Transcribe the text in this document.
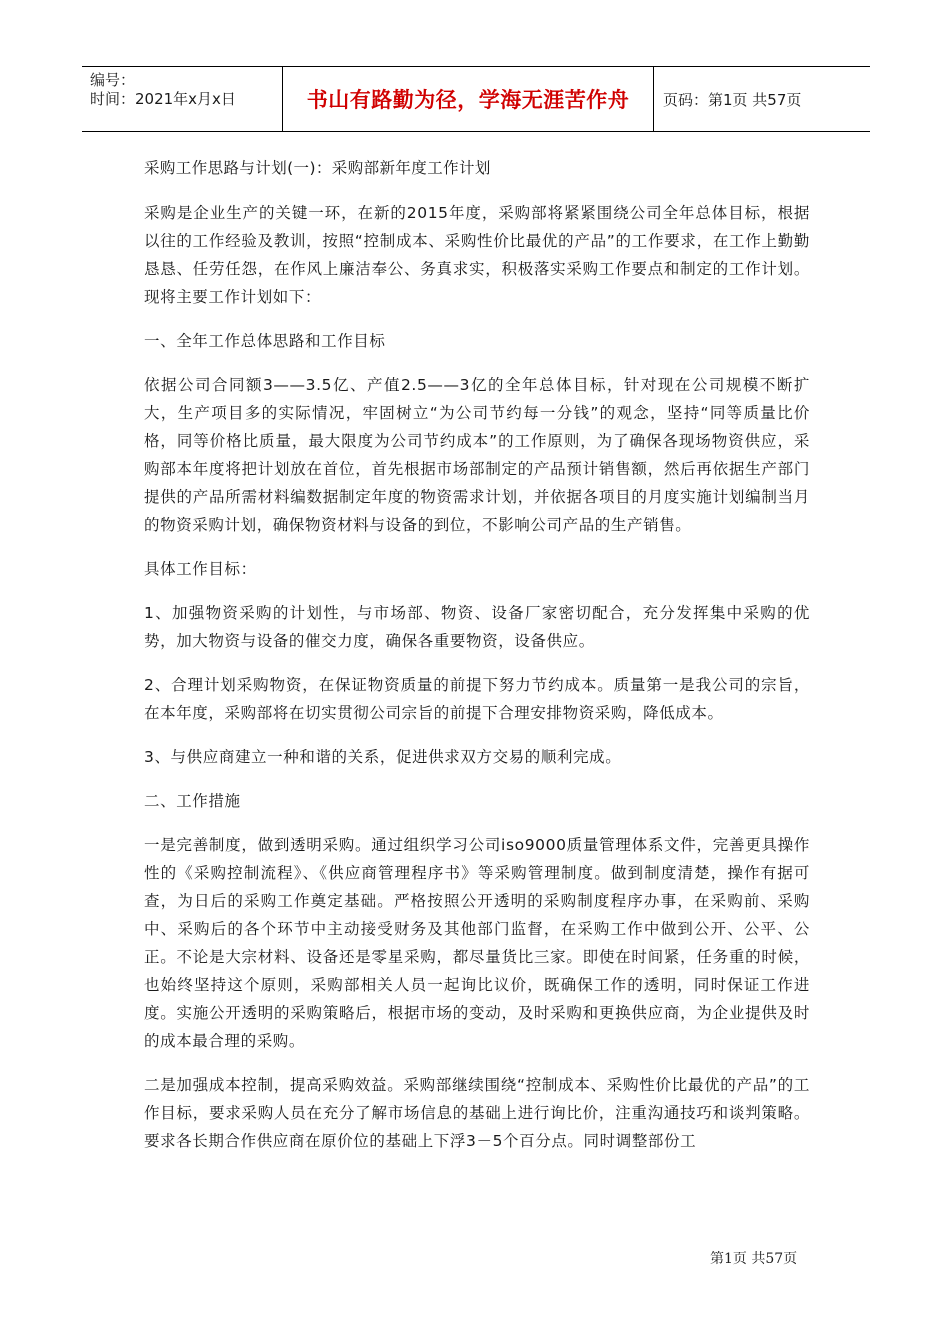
编号：
时间：2021年x月x日	书山有路勤为径，学海无涯苦作舟	页码：第1页 共57页

采购工作思路与计划(一)：采购部新年度工作计划

采购是企业生产的关键一环，在新的2015年度，采购部将紧紧围绕公司全年总体目标，根据以往的工作经验及教训，按照“控制成本、采购性价比最优的产品”的工作要求，在工作上勤勤恳恳、任劳任怨，在作风上廉洁奉公、务真求实，积极落实采购工作要点和制定的工作计划。现将主要工作计划如下：

一、全年工作总体思路和工作目标

依据公司合同额3——3.5亿、产值2.5——3亿的全年总体目标，针对现在公司规模不断扩大，生产项目多的实际情况，牢固树立“为公司节约每一分钱”的观念，坚持“同等质量比价格，同等价格比质量，最大限度为公司节约成本”的工作原则，为了确保各现场物资供应，采购部本年度将把计划放在首位，首先根据市场部制定的产品预计销售额，然后再依据生产部门提供的产品所需材料编数据制定年度的物资需求计划，并依据各项目的月度实施计划编制当月的物资采购计划，确保物资材料与设备的到位，不影响公司产品的生产销售。

具体工作目标：

1、加强物资采购的计划性，与市场部、物资、设备厂家密切配合，充分发挥集中采购的优势，加大物资与设备的催交力度，确保各重要物资，设备供应。

2、合理计划采购物资，在保证物资质量的前提下努力节约成本。质量第一是我公司的宗旨，在本年度，采购部将在切实贯彻公司宗旨的前提下合理安排物资采购，降低成本。

3、与供应商建立一种和谐的关系，促进供求双方交易的顺利完成。

二、工作措施

一是完善制度，做到透明采购。通过组织学习公司iso9000质量管理体系文件，完善更具操作性的《采购控制流程》、《供应商管理程序书》等采购管理制度。做到制度清楚，操作有据可查，为日后的采购工作奠定基础。严格按照公开透明的采购制度程序办事，在采购前、采购中、采购后的各个环节中主动接受财务及其他部门监督，在采购工作中做到公开、公平、公正。不论是大宗材料、设备还是零星采购，都尽量货比三家。即使在时间紧，任务重的时候，也始终坚持这个原则，采购部相关人员一起询比议价，既确保工作的透明，同时保证工作进度。实施公开透明的采购策略后，根据市场的变动，及时采购和更换供应商，为企业提供及时的成本最合理的采购。

二是加强成本控制，提高采购效益。采购部继续围绕“控制成本、采购性价比最优的产品”的工作目标，要求采购人员在充分了解市场信息的基础上进行询比价，注重沟通技巧和谈判策略。要求各长期合作供应商在原价位的基础上下浮3－5个百分点。同时调整部份工

第1页 共57页
